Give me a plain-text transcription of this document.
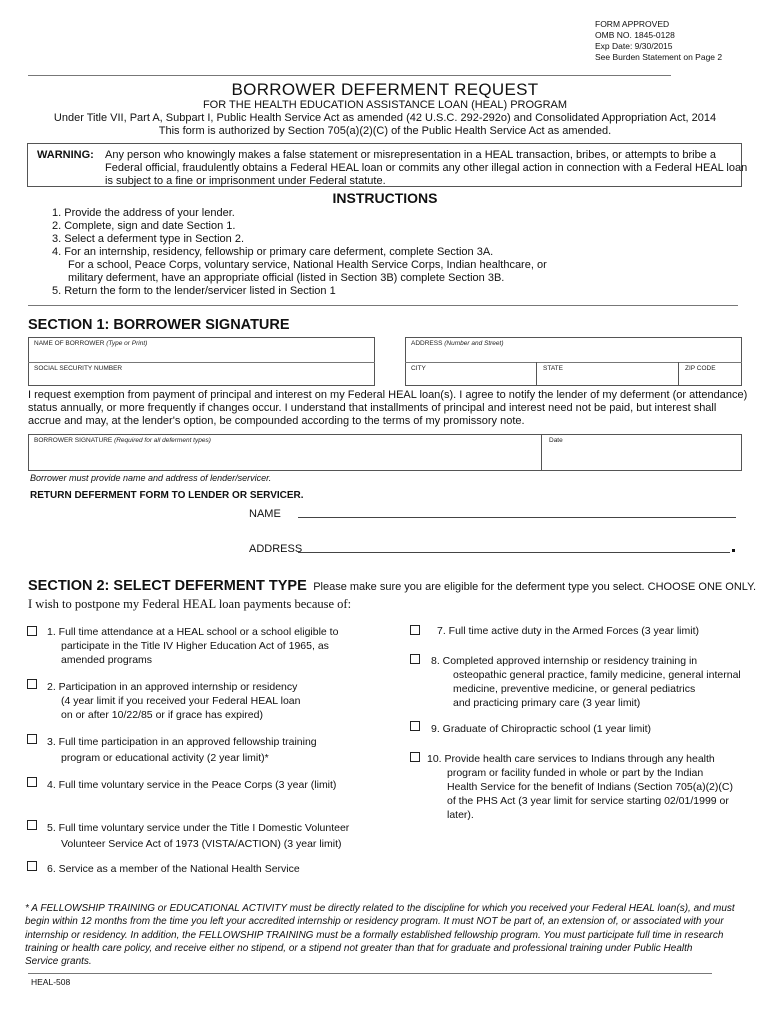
FORM APPROVED
OMB NO. 1845-0128
Exp Date: 9/30/2015
See Burden Statement on Page 2
BORROWER DEFERMENT REQUEST
FOR THE HEALTH EDUCATION ASSISTANCE LOAN (HEAL) PROGRAM
Under Title VII, Part A, Subpart I, Public Health Service Act as amended (42 U.S.C. 292-292o) and Consolidated Appropriation Act, 2014
This form is authorized by Section 705(a)(2)(C) of the Public Health Service Act as amended.
WARNING: Any person who knowingly makes a false statement or misrepresentation in a HEAL transaction, bribes, or attempts to bribe a
Federal official, fraudulently obtains a Federal HEAL loan or commits any other illegal action in connection with a Federal HEAL loan
is subject to a fine or imprisonment under Federal statute.
INSTRUCTIONS
1. Provide the address of your lender.
2. Complete, sign and date Section 1.
3. Select a deferment type in Section 2.
4. For an internship, residency, fellowship or primary care deferment, complete Section 3A.
For a school, Peace Corps, voluntary service, National Health Service Corps, Indian healthcare, or
military deferment, have an appropriate official (listed in Section 3B) complete Section 3B.
5. Return the form to the lender/servicer listed in Section 1
SECTION 1: BORROWER SIGNATURE
NAME OF BORROWER (Type or Print)
SOCIAL SECURITY NUMBER
ADDRESS (Number and Street)
CITY	STATE	ZIP CODE
I request exemption from payment of principal and interest on my Federal HEAL loan(s). I agree to notify the lender of my deferment (or attendance)
status annually, or more frequently if changes occur. I understand that installments of principal and interest need not be paid, but interest shall
accrue and may, at the lender's option, be compounded according to the terms of my promissory note.
BORROWER SIGNATURE (Required for all deferment types)	Date
Borrower must provide name and address of lender/servicer.
RETURN DEFERMENT FORM TO LENDER OR SERVICER.
NAME
ADDRESS
SECTION 2: SELECT DEFERMENT TYPE Please make sure you are eligible for the deferment type you select. CHOOSE ONE ONLY.
I wish to postpone my Federal HEAL loan payments because of:
1. Full time attendance at a HEAL school or a school eligible to
participate in the Title IV Higher Education Act of 1965, as
amended programs
2. Participation in an approved internship or residency
(4 year limit if you received your Federal HEAL loan
on or after 10/22/85 or if grace has expired)
3. Full time participation in an approved fellowship training
program or educational activity (2 year limit)*
4. Full time voluntary service in the Peace Corps (3 year (limit)
5. Full time voluntary service under the Title I Domestic Volunteer
Volunteer Service Act of 1973 (VISTA/ACTION) (3 year limit)
6. Service as a member of the National Health Service
7. Full time active duty in the Armed Forces (3 year limit)
8. Completed approved internship or residency training in
osteopathic general practice, family medicine, general internal
medicine, preventive medicine, or general pediatrics
and practicing primary care (3 year limit)
9. Graduate of Chiropractic school (1 year limit)
10. Provide health care services to Indians through any health
program or facility funded in whole or part by the Indian
Health Service for the benefit of Indians (Section 705(a)(2)(C)
of the PHS Act (3 year limit for service starting 02/01/1999 or
later).
* A FELLOWSHIP TRAINING or EDUCATIONAL ACTIVITY must be directly related to the discipline for which you received your Federal HEAL loan(s), and must
begin within 12 months from the time you left your accredited internship or residency program. It must NOT be part of, an extension of, or associated with your
internship or residency. In addition, the FELLOWSHIP TRAINING must be a formally established fellowship program. You must participate full time in research
training or health care policy, and receive either no stipend, or a stipend not greater than that for graduate and professional training under Public Health
Service grants.
HEAL-508
